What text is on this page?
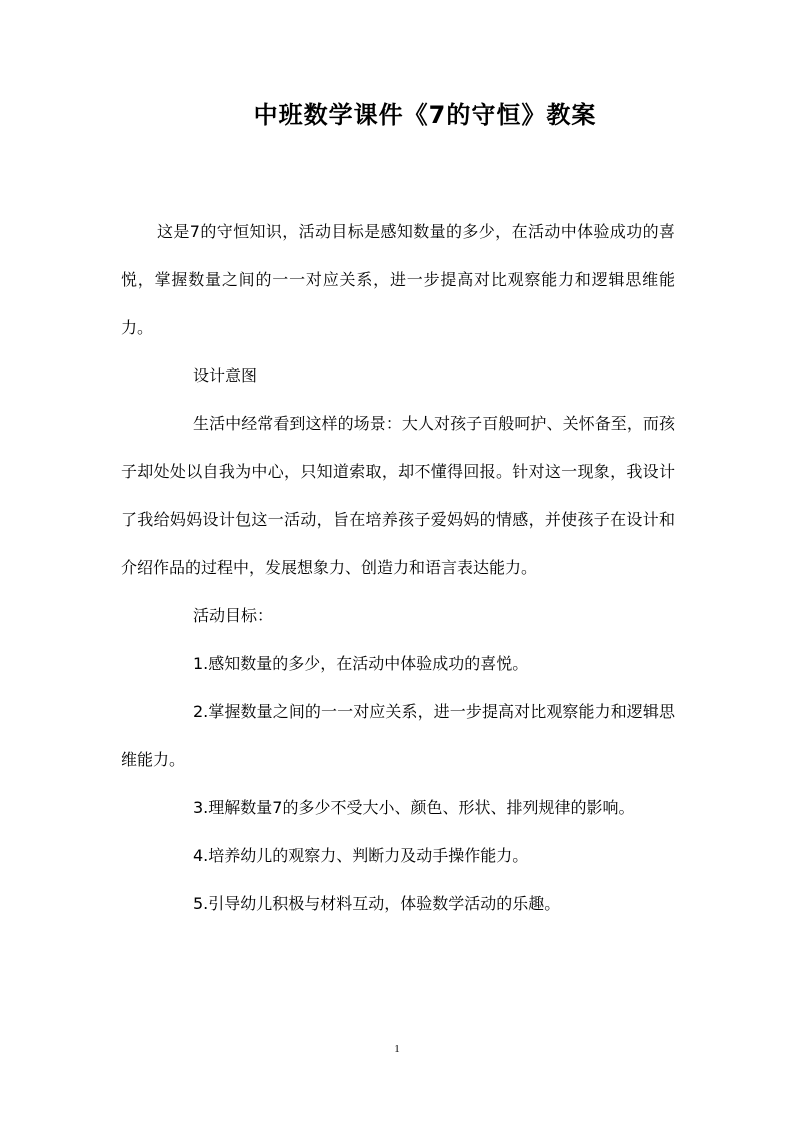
中班数学课件《7的守恒》教案

这是7的守恒知识，活动目标是感知数量的多少，在活动中体验成功的喜悦，掌握数量之间的一一对应关系，进一步提高对比观察能力和逻辑思维能力。

设计意图

生活中经常看到这样的场景：大人对孩子百般呵护、关怀备至，而孩子却处处以自我为中心，只知道索取，却不懂得回报。针对这一现象，我设计了我给妈妈设计包这一活动，旨在培养孩子爱妈妈的情感，并使孩子在设计和介绍作品的过程中，发展想象力、创造力和语言表达能力。

活动目标：

1.感知数量的多少，在活动中体验成功的喜悦。

2.掌握数量之间的一一对应关系，进一步提高对比观察能力和逻辑思维能力。

3.理解数量7的多少不受大小、颜色、形状、排列规律的影响。

4.培养幼儿的观察力、判断力及动手操作能力。

5.引导幼儿积极与材料互动，体验数学活动的乐趣。

1
